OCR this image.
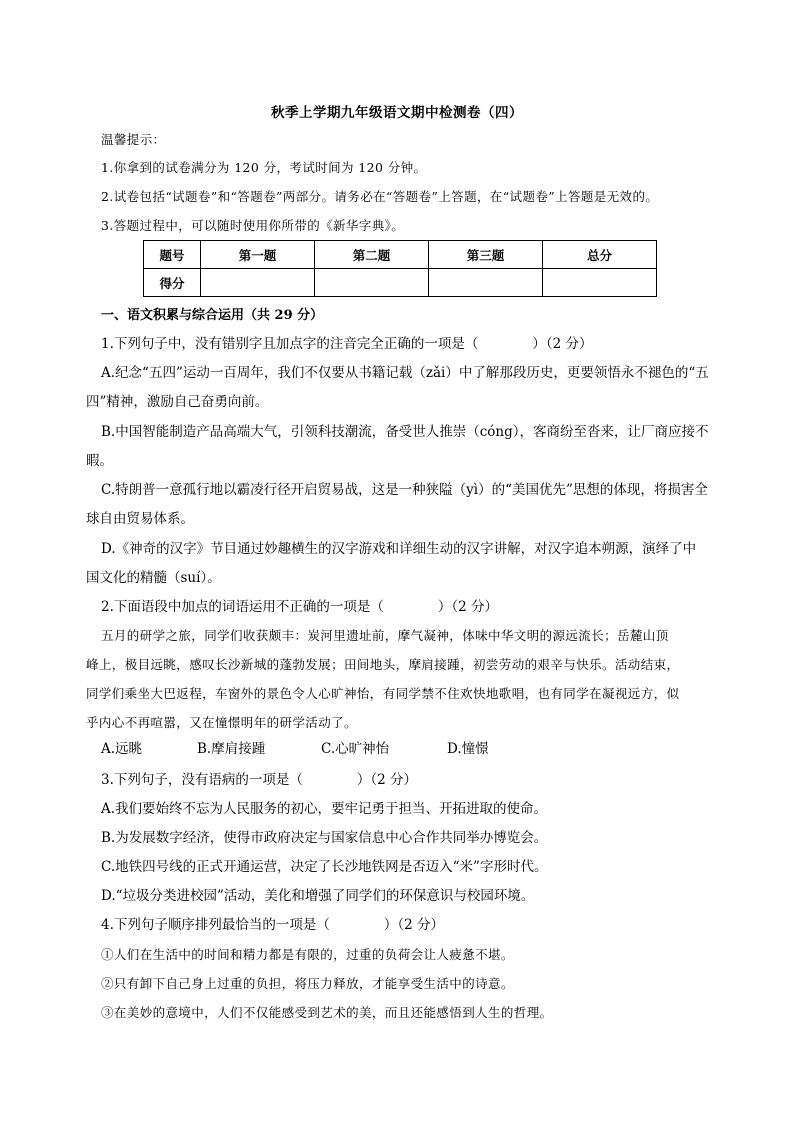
秋季上学期九年级语文期中检测卷（四）
温馨提示：
1.你拿到的试卷满分为 120 分，考试时间为 120 分钟。
2.试卷包括“试题卷”和“答题卷”两部分。请务必在“答题卷”上答题，在“试题卷”上答题是无效的。
3.答题过程中，可以随时使用你所带的《新华字典》。
题号	第一题	第二题	第三题	总分
得分				
一、语文积累与综合运用（共 29 分）
1.下列句子中，没有错别字且加点字的注音完全正确的一项是（　　　　）（2 分）
A.纪念“五四”运动一百周年，我们不仅要从书籍记载（zǎi）中了解那段历史，更要领悟永不褪色的“五
四”精神，激励自己奋勇向前。
B.中国智能制造产品高端大气，引领科技潮流，备受世人推崇（cóng），客商纷至沓来，让厂商应接不
暇。
C.特朗普一意孤行地以霸凌行径开启贸易战，这是一种狭隘（yì）的“美国优先”思想的体现，将损害全
球自由贸易体系。
D.《神奇的汉字》节目通过妙趣横生的汉字游戏和详细生动的汉字讲解，对汉字追本朔源，演绎了中
国文化的精髓（suí）。
2.下面语段中加点的词语运用不正确的一项是（　　　　）（2 分）
五月的研学之旅，同学们收获颇丰：炭河里遗址前，摩气凝神，体味中华文明的源远流长；岳麓山顶
峰上，极目远眺，感叹长沙新城的蓬勃发展；田间地头，摩肩接踵，初尝劳动的艰辛与快乐。活动结束，
同学们乘坐大巴返程，车窗外的景色令人心旷神怡，有同学禁不住欢快地歌唱，也有同学在凝视远方，似
乎内心不再喧嚣，又在憧憬明年的研学活动了。
A.远眺	B.摩肩接踵	C.心旷神怡	D.憧憬
3.下列句子，没有语病的一项是（　　　　）（2 分）
A.我们要始终不忘为人民服务的初心，要牢记勇于担当、开拓进取的使命。
B.为发展数字经济，使得市政府决定与国家信息中心合作共同举办博览会。
C.地铁四号线的正式开通运营，决定了长沙地铁网是否迈入“米”字形时代。
D.“垃圾分类进校园”活动，美化和增强了同学们的环保意识与校园环境。
4.下列句子顺序排列最恰当的一项是（　　　　）（2 分）
①人们在生活中的时间和精力都是有限的，过重的负荷会让人疲惫不堪。
②只有卸下自己身上过重的负担，将压力释放，才能享受生活中的诗意。
③在美妙的意境中，人们不仅能感受到艺术的美，而且还能感悟到人生的哲理。
